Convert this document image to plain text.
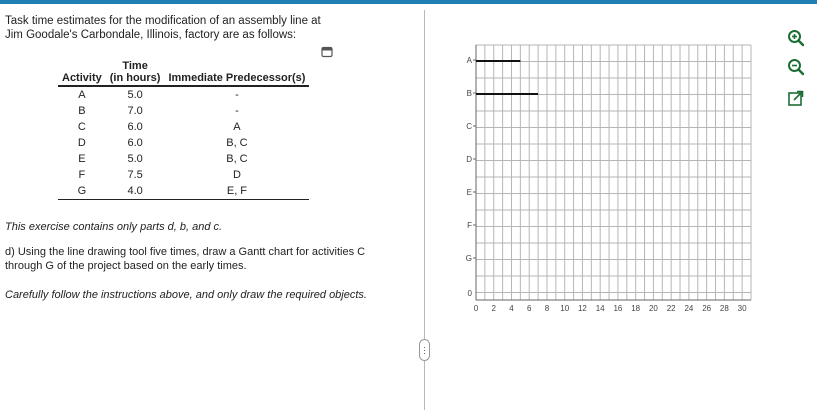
Task time estimates for the modification of an assembly line at
Jim Goodale's Carbondale, Illinois, factory are as follows:
	Time	
Activity	(in hours)	Immediate Predecessor(s)
A	5.0	-
B	7.0	-
C	6.0	A
D	6.0	B, C
E	5.0	B, C
F	7.5	D
G	4.0	E, F
This exercise contains only parts d, b, and c.
d) Using the line drawing tool five times, draw a Gantt chart for activities C
through G of the project based on the early times.
Carefully follow the instructions above, and only draw the required objects.
A
B
C
D
E
F
G
0
0 2 4 6 8 10 12 14 16 18 20 22 24 26 28 30
